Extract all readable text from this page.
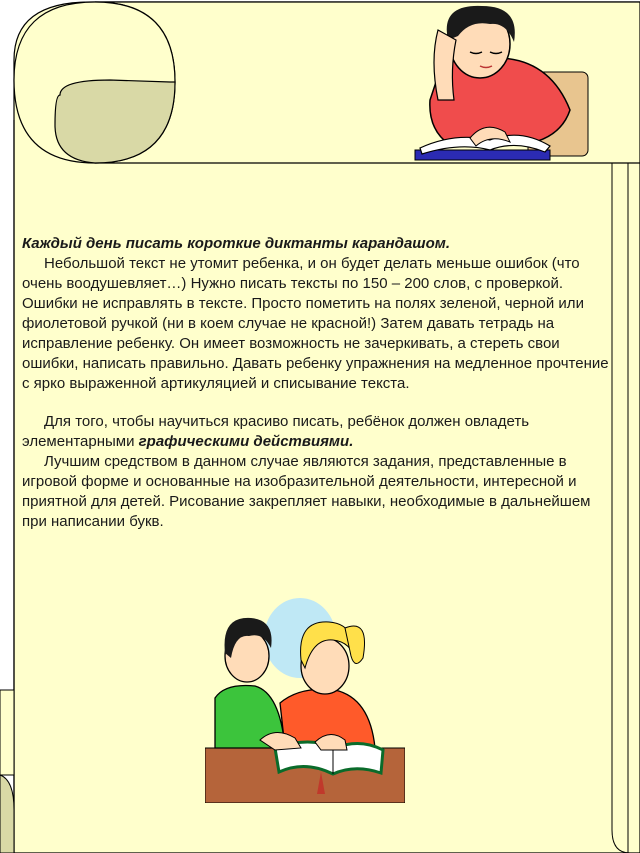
Каждый день писать короткие диктанты карандашом.

Небольшой текст не утомит ребенка, и он будет делать меньше ошибок (что очень воодушевляет…) Нужно писать тексты по 150 – 200 слов, с проверкой. Ошибки не исправлять в тексте. Просто пометить на полях зеленой, черной или фиолетовой ручкой (ни в коем случае не красной!) Затем давать тетрадь на исправление ребенку. Он имеет возможность не зачеркивать, а стереть свои ошибки, написать правильно. Давать ребенку упражнения на медленное прочтение с ярко выраженной артикуляцией и списывание текста.

Для того, чтобы научиться красиво писать, ребёнок должен овладеть элементарными графическими действиями.

Лучшим средством в данном случае являются задания, представленные в игровой форме и основанные на изобразительной деятельности, интересной и приятной для детей. Рисование закрепляет навыки, необходимые в дальнейшем при написании букв.
